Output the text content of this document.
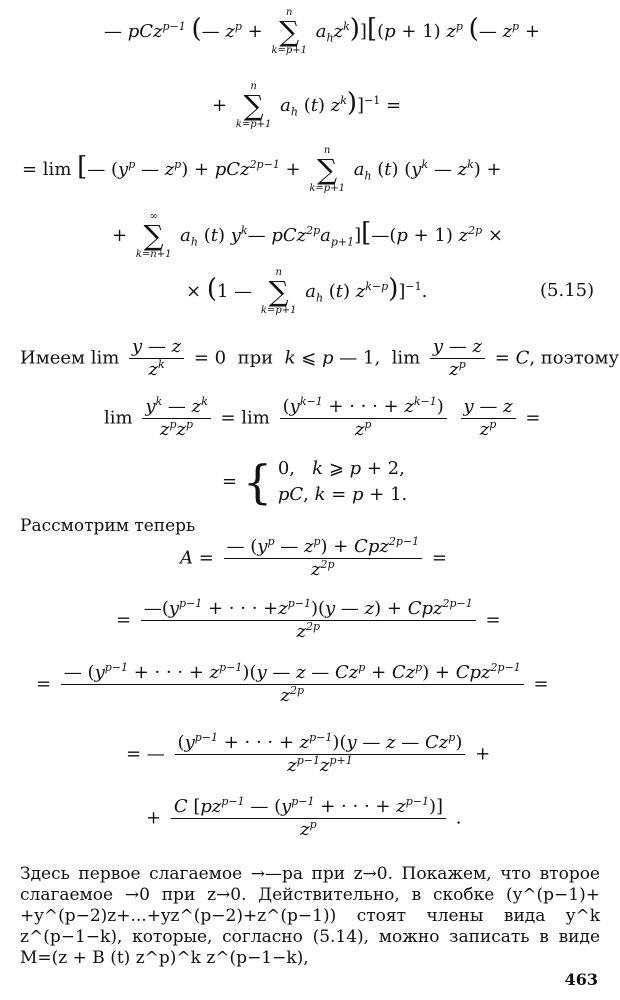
— pCz$^{p-1}$ (— $z^p$ +
n
∑
k=p+1
$a_hz^k)][(p + 1)$ $z^p$ (— $z^p$ +
+
n
∑
k=p+1
$a_h$ (t) $z^k)]^{-1}$ =
= lim [— ($y^p$ — $z^p) + pCz^{2p-1}$ +
n
∑
k=p+1
$a_h$ (t) ($y^k$ — $z^k$) +
+
∞
∑
k=n+1
$a_h$ (t) $y^k—$ $pCz^{2p}a_{p+1}][—(p + 1) z^{2p}$ ×
× (1 —
n
∑
k=p+1
$a_h$ (t) $z^{k-p})]^{-1}$.	(5.15)
Имеем $\lim \frac{y — z}{z^k} = 0$  при k ⩽ p — 1,  $\lim \frac{y — z}{z^p} = C$, поэтому
$\lim \frac{y^k — z^k}{z^pz^p} = \lim \frac{(y^{k-1} + \cdot \cdot \cdot + z^{k-1})}{z^p}$
$\frac{y — z}{z^p}$ =
= { 0,   k ⩾ p + 2,
pC, k = p + 1.
Рассмотрим теперь
$A = \frac{— (y^p — z^p) + Cpz^{2p-1}}{z^{2p}}$ =
= $\frac{—(y^{p-1} + \cdot \cdot \cdot +z^{p-1})(y — z) + Cpz^{2p-1}}{z^{2p}}$ =
= $\frac{— (y^{p-1} + \cdot \cdot \cdot + z^{p-1})(y — z — Cz^p + Cz^p) + Cpz^{2p-1}}{z^{2p}}$ =
= — $\frac{(y^{p-1} + \cdot \cdot \cdot + z^{p-1})(y — z — Cz^p)}{z^{p-1}z^{p+1}}$ +
+ $\frac{C [pz^{p-1} — (y^{p-1} + \cdot \cdot \cdot + z^{p-1})]}{z^p}$ .
Здесь первое слагаемое →—pa при z→0. Покажем, что второе слагаемое →0 при z→0. Действительно, в скобке (y^(p−1)+ +y^(p−2)z+...+yz^(p−2)+z^(p−1)) стоят члены вида y^k z^(p−1−k), которые, согласно (5.14), можно записать в виде M=(z + B (t) z^p)^k z^(p−1−k),
463
